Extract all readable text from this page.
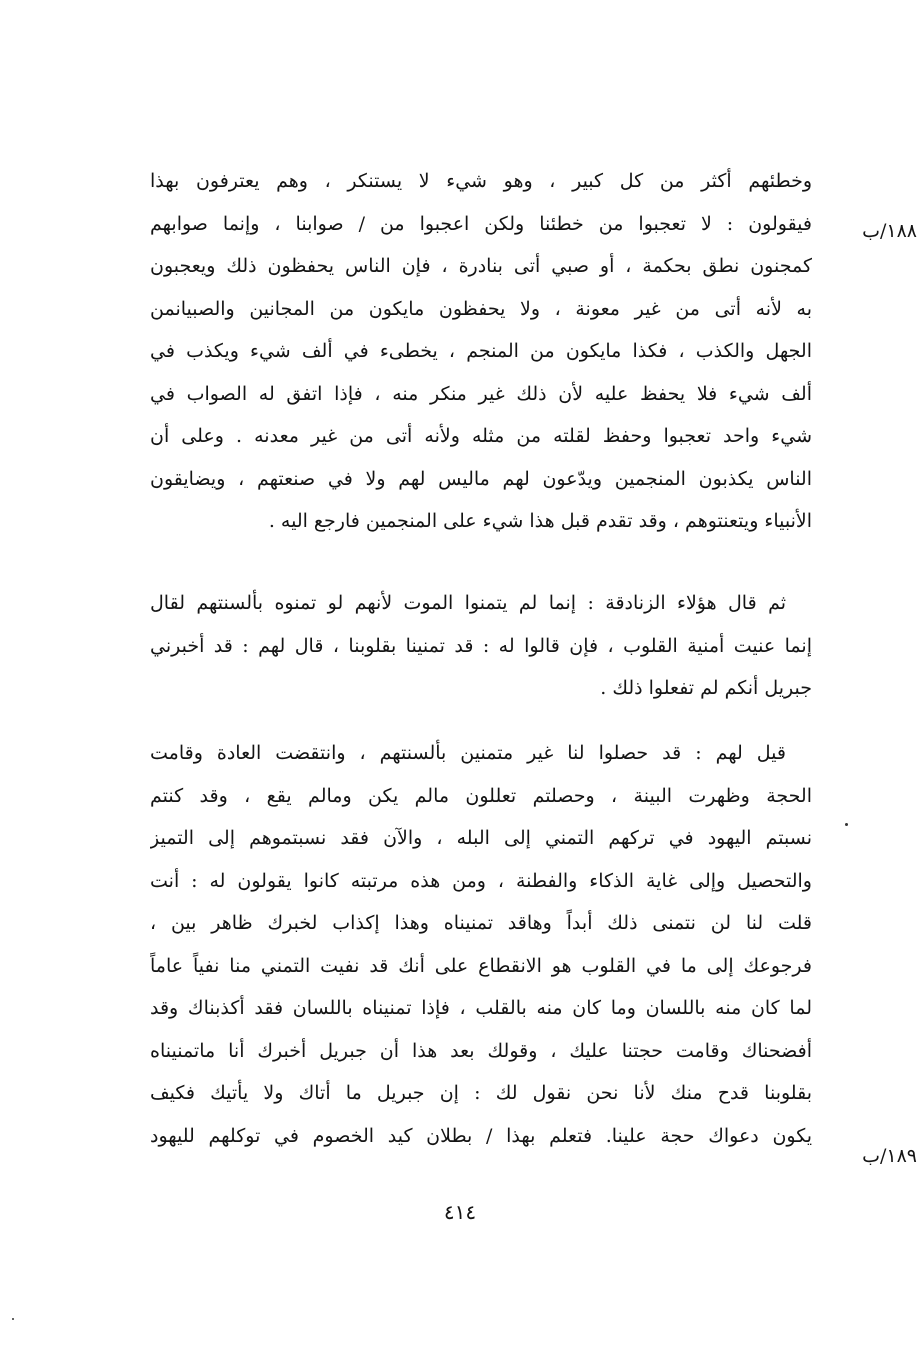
وخطئهم أكثر من كل كبير ، وهو شيء لا يستنكر ، وهم يعترفون بهذا
فيقولون : لا تعجبوا من خطئنا ولكن اعجبوا من / صوابنا ، وإنما صوابهم
كمجنون نطق بحكمة ، أو صبي أتى بنادرة ، فإن الناس يحفظون ذلك ويعجبون
به لأنه أتى من غير معونة ، ولا يحفظون مايكون من المجانين والصبيانمن
الجهل والكذب ، فكذا مايكون من المنجم ، يخطىء في ألف شيء ويكذب في
ألف شيء فلا يحفظ عليه لأن ذلك غير منكر منه ، فإذا اتفق له الصواب في
شيء واحد تعجبوا وحفظ لقلته من مثله ولأنه أتى من غير معدنه . وعلى أن
الناس يكذبون المنجمين ويدّعون لهم ماليس لهم ولا في صنعتهم ، ويضايقون
الأنبياء ويتعنتوهم ، وقد تقدم قبل هذا شيء على المنجمين فارجع اليه .
ثم قال هؤلاء الزنادقة : إنما لم يتمنوا الموت لأنهم لو تمنوه بألسنتهم لقال
إنما عنيت أمنية القلوب ، فإن قالوا له : قد تمنينا بقلوبنا ، قال لهم : قد أخبرني
جبريل أنكم لم تفعلوا ذلك .
قيل لهم : قد حصلوا لنا غير متمنين بألسنتهم ، وانتقضت العادة وقامت
الحجة وظهرت البينة ، وحصلتم تعللون مالم يكن ومالم يقع ، وقد كنتم
نسبتم اليهود في تركهم التمني إلى البله ، والآن فقد نسبتموهم إلى التميز
والتحصيل وإلى غاية الذكاء والفطنة ، ومن هذه مرتبته كانوا يقولون له : أنت
قلت لنا لن نتمنى ذلك أبداً وهاقد تمنيناه وهذا إكذاب لخبرك ظاهر بين ،
فرجوعك إلى ما في القلوب هو الانقطاع على أنك قد نفيت التمني منا نفياً عاماً
لما كان منه باللسان وما كان منه بالقلب ، فإذا تمنيناه باللسان فقد أكذبناك وقد
أفضحناك وقامت حجتنا عليك ، وقولك بعد هذا أن جبريل أخبرك أنا ماتمنيناه
بقلوبنا قدح منك لأنا نحن نقول لك : إن جبريل ما أتاك ولا يأتيك فكيف
يكون دعواك حجة علينا. فتعلم بهذا / بطلان كيد الخصوم في توكلهم لليهود
١٨٨/ب
١٨٩/ب
٤١٤
